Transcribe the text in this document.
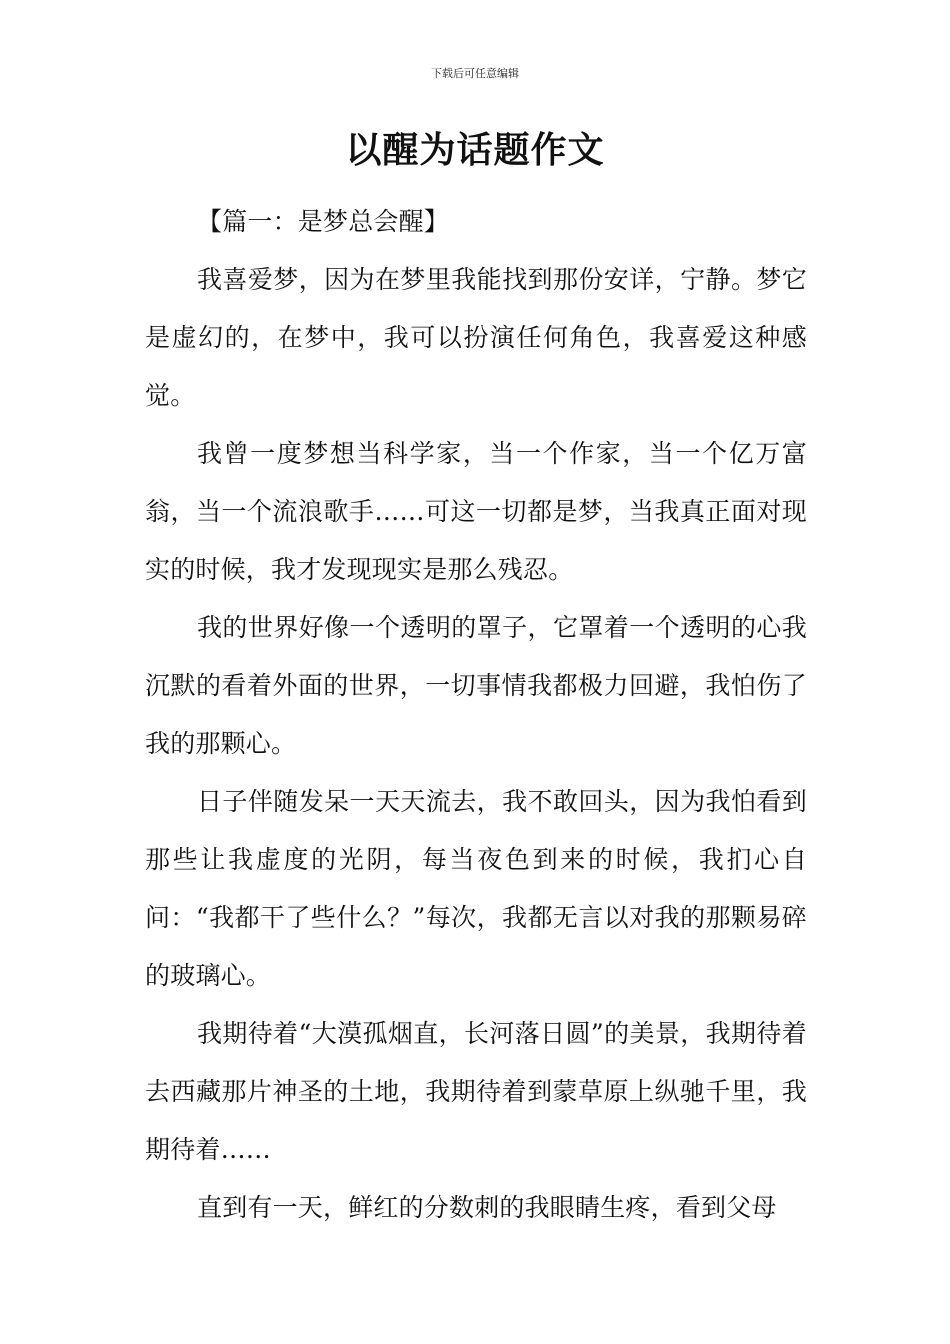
下载后可任意编辑
以醒为话题作文

【篇一：是梦总会醒】

我喜爱梦，因为在梦里我能找到那份安详，宁静。梦它是虚幻的，在梦中，我可以扮演任何角色，我喜爱这种感觉。

我曾一度梦想当科学家，当一个作家，当一个亿万富翁，当一个流浪歌手……可这一切都是梦，当我真正面对现实的时候，我才发现现实是那么残忍。

我的世界好像一个透明的罩子，它罩着一个透明的心我沉默的看着外面的世界，一切事情我都极力回避，我怕伤了我的那颗心。

日子伴随发呆一天天流去，我不敢回头，因为我怕看到那些让我虚度的光阴，每当夜色到来的时候，我扪心自问：“我都干了些什么？”每次，我都无言以对我的那颗易碎的玻璃心。

我期待着“大漠孤烟直，长河落日圆”的美景，我期待着去西藏那片神圣的土地，我期待着到蒙草原上纵驰千里，我期待着……

直到有一天，鲜红的分数刺的我眼睛生疼，看到父母
